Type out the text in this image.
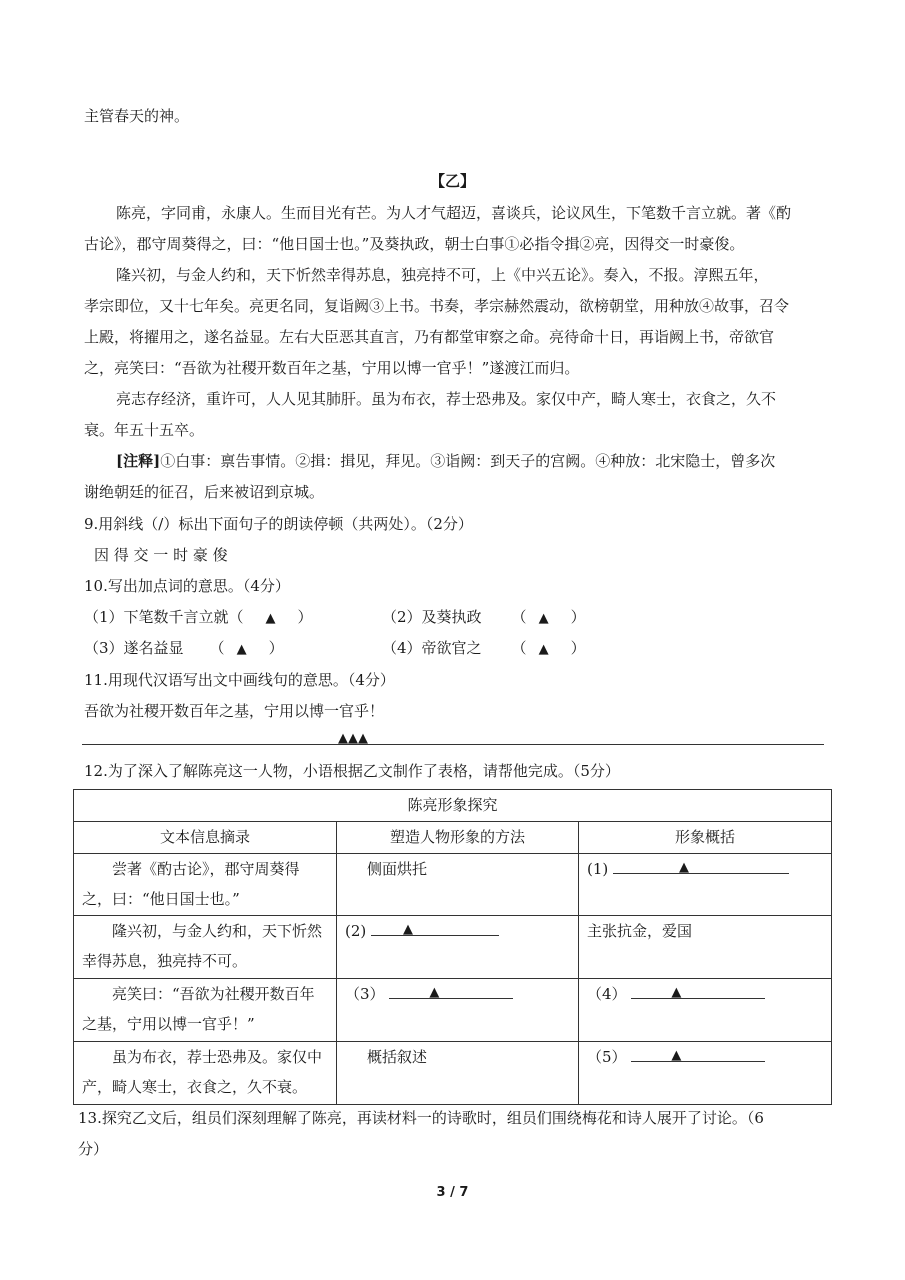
主管春天的神。
【乙】
陈亮，字同甫，永康人。生而目光有芒。为人才气超迈，喜谈兵，论议风生，下笔数千言立就。著《酌
古论》，郡守周葵得之，曰：“他日国士也。”及葵执政，朝士白事①必指令揖②亮，因得交一时豪俊。
隆兴初，与金人约和，天下忻然幸得苏息，独亮持不可，上《中兴五论》。奏入，不报。淳熙五年，
孝宗即位，又十七年矣。亮更名同，复诣阙③上书。书奏，孝宗赫然震动，欲榜朝堂，用种放④故事，召令
上殿，将擢用之，遂名益显。左右大臣恶其直言，乃有都堂审察之命。亮待命十日，再诣阙上书，帝欲官
之，亮笑曰：“吾欲为社稷开数百年之基，宁用以博一官乎！”遂渡江而归。
亮志存经济，重许可，人人见其肺肝。虽为布衣，荐士恐弗及。家仅中产，畸人寒士，衣食之，久不
衰。年五十五卒。
[注释]①白事：禀告事情。②揖：揖见，拜见。③诣阙：到天子的宫阙。④种放：北宋隐士，曾多次
谢绝朝廷的征召，后来被诏到京城。
9.用斜线（/）标出下面句子的朗读停顿（共两处）。（2分）
因 得 交 一 时 豪 俊
10.写出加点词的意思。（4分）
（1）下笔数千言立就（ ▲ ）	（2）及葵执政 （ ▲ ）
（3）遂名益显 （ ▲ ）	（4）帝欲官之 （ ▲ ）
11.用现代汉语写出文中画线句的意思。（4分）
吾欲为社稷开数百年之基，宁用以博一官乎！
▲▲▲
12.为了深入了解陈亮这一人物，小语根据乙文制作了表格，请帮他完成。（5分）
陈亮形象探究		
文本信息摘录	塑造人物形象的方法	形象概括
尝著《酌古论》，郡守周葵得之，曰：“他日国士也。”	侧面烘托	(1) ▲

隆兴初，与金人约和，天下忻然幸得苏息，独亮持不可。	(2) ▲	主张抗金，爱国
亮笑曰：“吾欲为社稷开数百年之基，宁用以博一官乎！”	（3） ▲	（4） ▲

虽为布衣，荐士恐弗及。家仅中产，畸人寒士，衣食之，久不衰。	概括叙述	（5） ▲
13.探究乙文后，组员们深刻理解了陈亮，再读材料一的诗歌时，组员们围绕梅花和诗人展开了讨论。（6
分）
3 / 7
